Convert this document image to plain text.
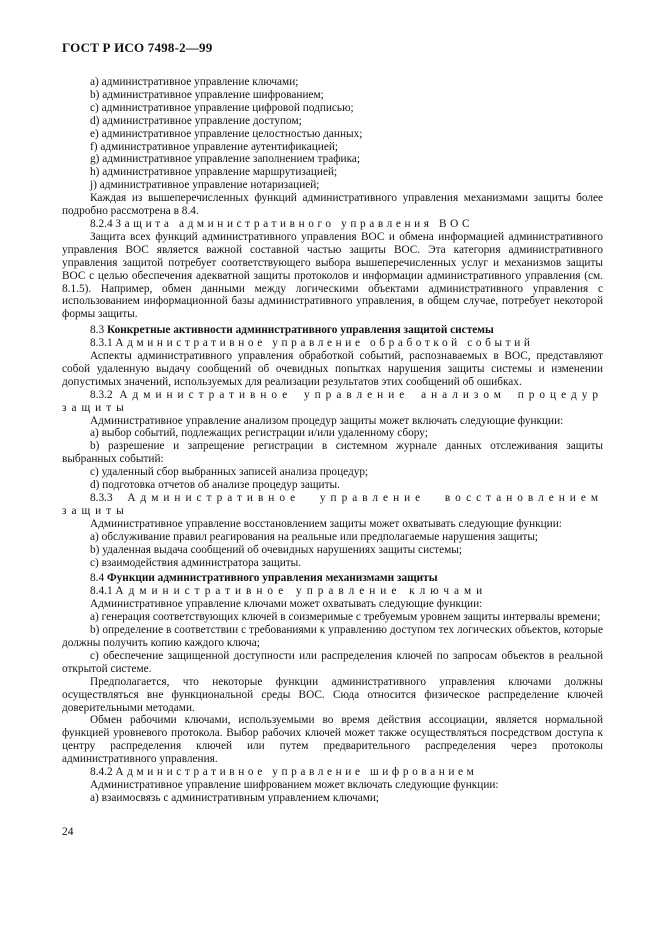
ГОСТ Р ИСО 7498-2—99

a) административное управление ключами;

b) административное управление шифрованием;

c) административное управление цифровой подписью;

d) административное управление доступом;

e) административное управление целостностью данных;

f) административное управление аутентификацией;

g) административное управление заполнением трафика;

h) административное управление маршрутизацией;

j) административное управление нотаризацией;

Каждая из вышеперечисленных функций административного управления механизмами защиты более подробно рассмотрена в 8.4.

8.2.4 Защита административного управления ВОС

Защита всех функций административного управления ВОС и обмена информацией административного управления ВОС является важной составной частью защиты ВОС. Эта категория административного управления защитой потребует соответствующего выбора вышеперечисленных услуг и механизмов защиты ВОС с целью обеспечения адекватной защиты протоколов и информации административного управления (см. 8.1.5). Например, обмен данными между логическими объектами административного управления с использованием информационной базы административного управления, в общем случае, потребует некоторой формы защиты.

8.3 Конкретные активности административного управления защитой системы

8.3.1 Административное управление обработкой событий

Аспекты административного управления обработкой событий, распознаваемых в ВОС, представляют собой удаленную выдачу сообщений об очевидных попытках нарушения защиты системы и изменении допустимых значений, используемых для реализации результатов этих сообщений об ошибках.

8.3.2 Административное управление анализом процедур защиты

Административное управление анализом процедур защиты может включать следующие функции:

a) выбор событий, подлежащих регистрации и/или удаленному сбору;

b) разрешение и запрещение регистрации в системном журнале данных отслеживания защиты выбранных событий:

c) удаленный сбор выбранных записей анализа процедур;

d) подготовка отчетов об анализе процедур защиты.

8.3.3 Административное управление восстановлением защиты

Административное управление восстановлением защиты может охватывать следующие функции:

a) обслуживание правил реагирования на реальные или предполагаемые нарушения защиты;

b) удаленная выдача сообщений об очевидных нарушениях защиты системы;

c) взаимодействия администратора защиты.

8.4 Функции административного управления механизмами защиты

8.4.1 Административное управление ключами

Административное управление ключами может охватывать следующие функции:

a) генерация соответствующих ключей в соизмеримые с требуемым уровнем защиты интервалы времени;

b) определение в соответствии с требованиями к управлению доступом тех логических объектов, которые должны получить копию каждого ключа;

c) обеспечение защищенной доступности или распределения ключей по запросам объектов в реальной открытой системе.

Предполагается, что некоторые функции административного управления ключами должны осуществляться вне функциональной среды ВОС. Сюда относится физическое распределение ключей доверительными методами.

Обмен рабочими ключами, используемыми во время действия ассоциации, является нормальной функцией уровневого протокола. Выбор рабочих ключей может также осуществляться посредством доступа к центру распределения ключей или путем предварительного распределения через протоколы административного управления.

8.4.2 Административное управление шифрованием

Административное управление шифрованием может включать следующие функции:

a) взаимосвязь с административным управлением ключами;

24
